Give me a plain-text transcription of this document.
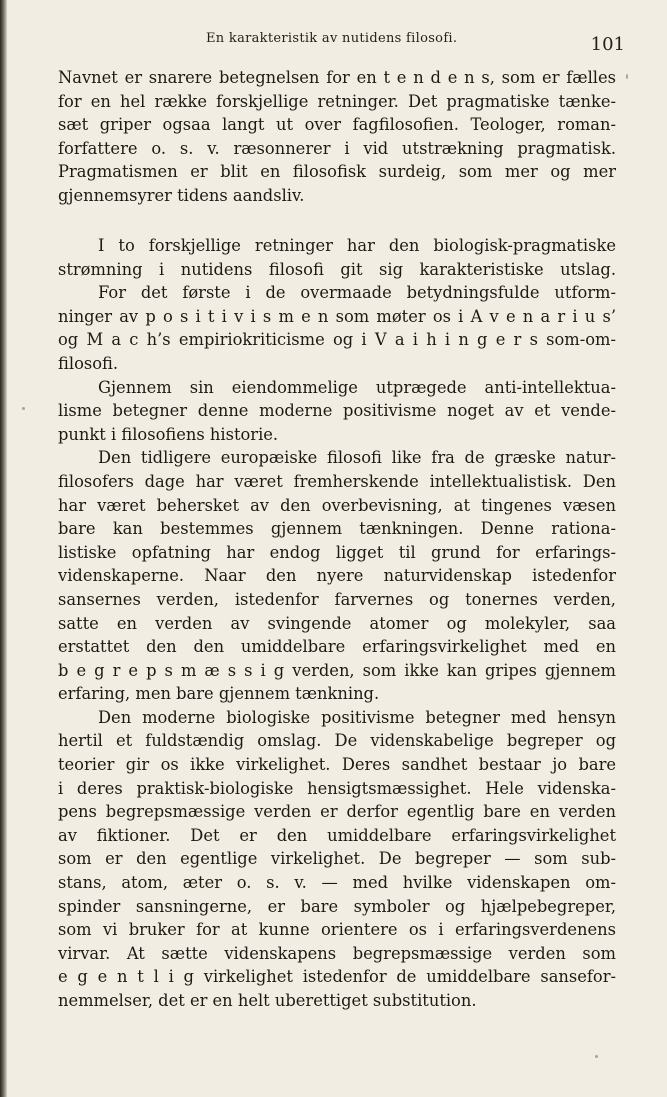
En karakteristik av nutidens filosofi.	101
Navnet er snarere betegnelsen for en t e n d e n s, som er fælles
for en hel række forskjellige retninger. Det pragmatiske tænke-
sæt griper ogsaa langt ut over fagfilosofien. Teologer, roman-
forfattere o. s. v. ræsonnerer i vid utstrækning pragmatisk.
Pragmatismen er blit en filosofisk surdeig, som mer og mer
gjennemsyrer tidens aandsliv.
I to forskjellige retninger har den biologisk-pragmatiske
strømning i nutidens filosofi git sig karakteristiske utslag.
For det første i de overmaade betydningsfulde utform-
ninger av p o s i t i v i s m e n som møter os i A v e n a r i u s’
og M a c h’s empiriokriticisme og i V a i h i n g e r s som-om-
filosofi.
Gjennem sin eiendommelige utprægede anti-intellektua-
lisme betegner denne moderne positivisme noget av et vende-
punkt i filosofiens historie.
Den tidligere europæiske filosofi like fra de græske natur-
filosofers dage har været fremherskende intellektualistisk. Den
har været behersket av den overbevisning, at tingenes væsen
bare kan bestemmes gjennem tænkningen. Denne rationa-
listiske opfatning har endog ligget til grund for erfarings-
videnskaperne. Naar den nyere naturvidenskap istedenfor
sansernes verden, istedenfor farvernes og tonernes verden,
satte en verden av svingende atomer og molekyler, saa
erstattet den den umiddelbare erfaringsvirkelighet med en
b e g r e p s m æ s s i g verden, som ikke kan gripes gjennem
erfaring, men bare gjennem tænkning.
Den moderne biologiske positivisme betegner med hensyn
hertil et fuldstændig omslag. De videnskabelige begreper og
teorier gir os ikke virkelighet. Deres sandhet bestaar jo bare
i deres praktisk-biologiske hensigtsmæssighet. Hele videnska-
pens begrepsmæssige verden er derfor egentlig bare en verden
av fiktioner. Det er den umiddelbare erfaringsvirkelighet
som er den egentlige virkelighet. De begreper — som sub-
stans, atom, æter o. s. v. — med hvilke videnskapen om-
spinder sansningerne, er bare symboler og hjælpebegreper,
som vi bruker for at kunne orientere os i erfaringsverdenens
virvar. At sætte videnskapens begrepsmæssige verden som
e g e n t l i g virkelighet istedenfor de umiddelbare sansefor-
nemmelser, det er en helt uberettiget substitution.
